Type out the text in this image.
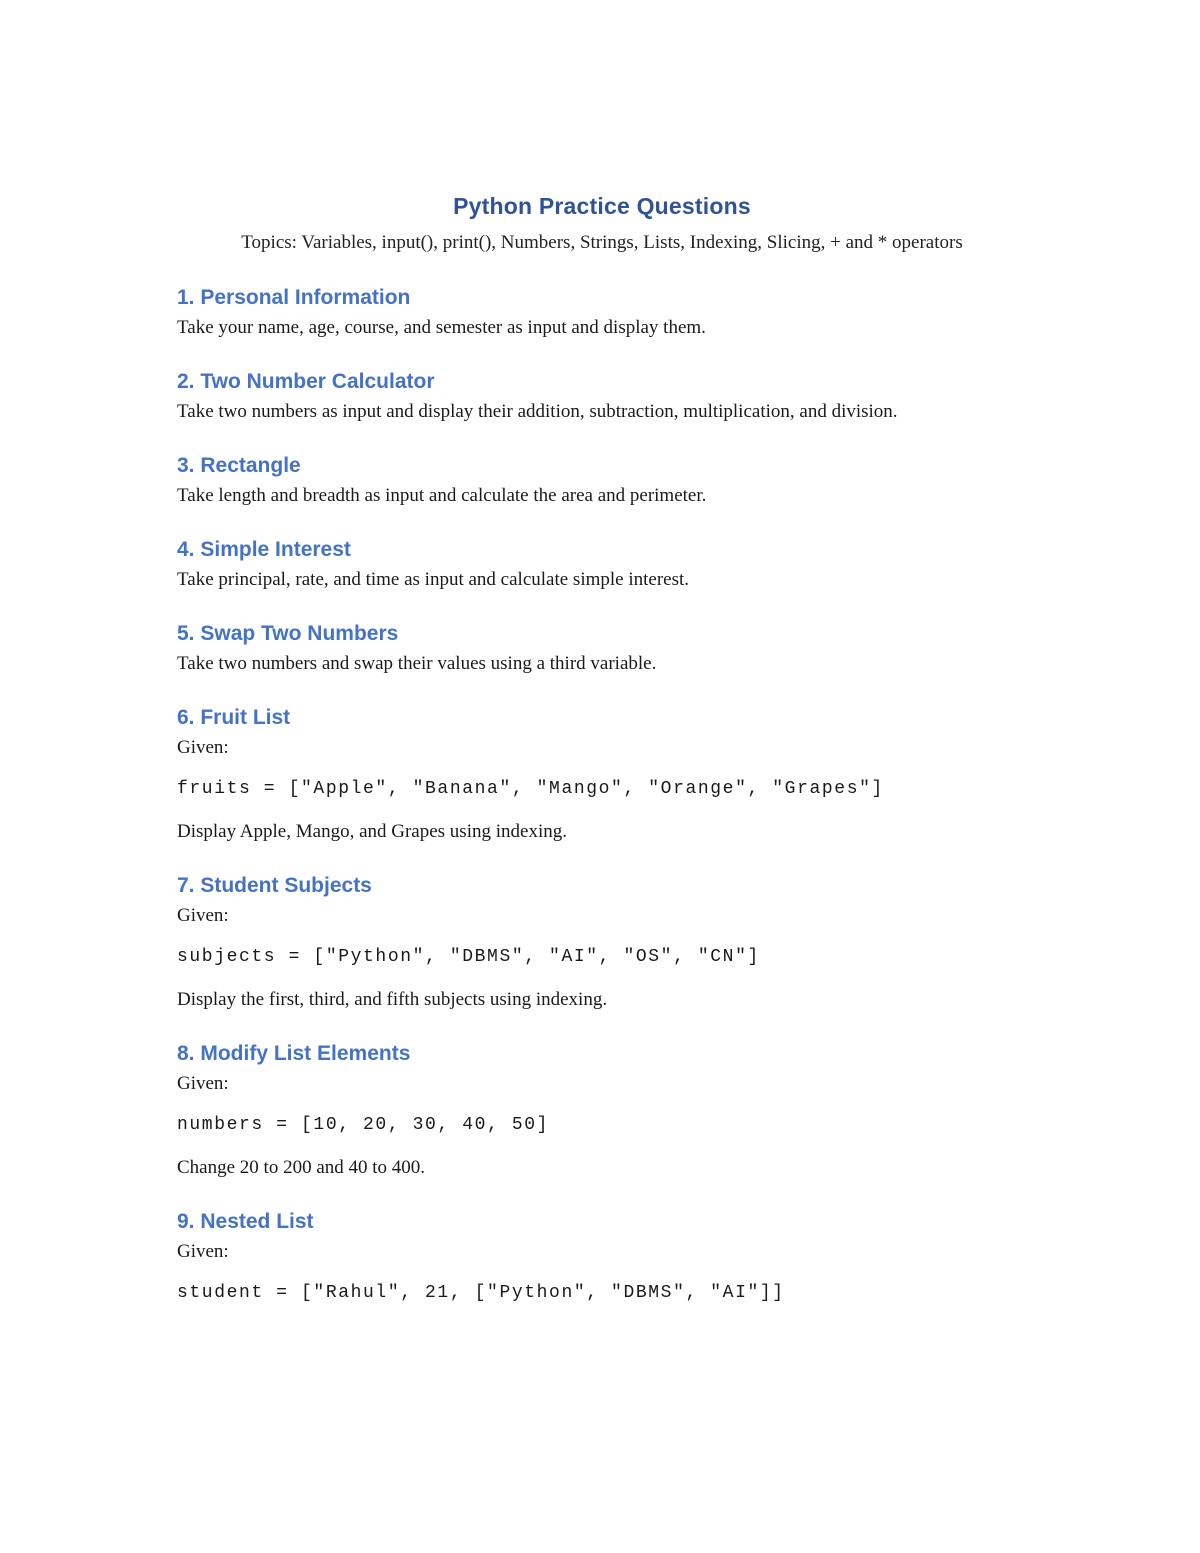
Python Practice Questions

Topics: Variables, input(), print(), Numbers, Strings, Lists, Indexing, Slicing, + and * operators

1. Personal Information

Take your name, age, course, and semester as input and display them.

2. Two Number Calculator

Take two numbers as input and display their addition, subtraction, multiplication, and division.

3. Rectangle

Take length and breadth as input and calculate the area and perimeter.

4. Simple Interest

Take principal, rate, and time as input and calculate simple interest.

5. Swap Two Numbers

Take two numbers and swap their values using a third variable.

6. Fruit List

Given:

fruits = ["Apple", "Banana", "Mango", "Orange", "Grapes"]

Display Apple, Mango, and Grapes using indexing.

7. Student Subjects

Given:

subjects = ["Python", "DBMS", "AI", "OS", "CN"]

Display the first, third, and fifth subjects using indexing.

8. Modify List Elements

Given:

numbers = [10, 20, 30, 40, 50]

Change 20 to 200 and 40 to 400.

9. Nested List

Given:

student = ["Rahul", 21, ["Python", "DBMS", "AI"]]
